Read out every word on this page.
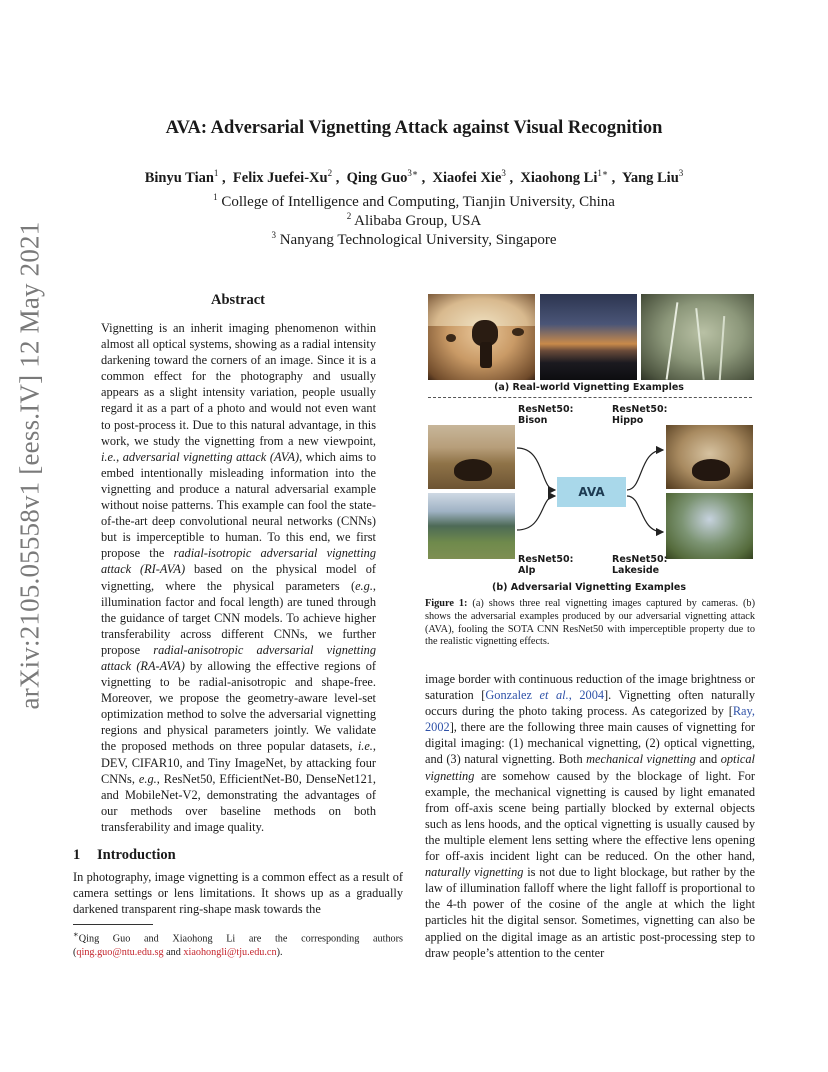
arXiv:2105.05558v1 [eess.IV] 12 May 2021
AVA: Adversarial Vignetting Attack against Visual Recognition
Binyu Tian$^1$ ,  Felix Juefei-Xu$^2$ ,  Qing Guo$^{3∗}$ ,  Xiaofei Xie$^3$ ,  Xiaohong $Li^{1∗}$ ,  Yang Liu$^3$
$^1$ College of Intelligence and Computing, Tianjin University, China
$^2$ Alibaba Group, USA
$^3$ Nanyang Technological University, Singapore
Abstract
Vignetting is an inherit imaging phenomenon within almost all optical systems, showing as a radial intensity darkening toward the corners of an image. Since it is a common effect for the photography and usually appears as a slight intensity variation, people usually regard it as a part of a photo and would not even want to post-process it. Due to this natural advantage, in this work, we study the vignetting from a new viewpoint, i.e., adversarial vignetting attack (AVA), which aims to embed intentionally misleading information into the vignetting and produce a natural adversarial example without noise patterns. This example can fool the state-of-the-art deep convolutional neural networks (CNNs) but is imperceptible to human. To this end, we first propose the radial-isotropic adversarial vignetting attack (RI-AVA) based on the physical model of vignetting, where the physical parameters (e.g., illumination factor and focal length) are tuned through the guidance of target CNN models. To achieve higher transferability across different CNNs, we further propose radial-anisotropic adversarial vignetting attack (RA-AVA) by allowing the effective regions of vignetting to be radial-anisotropic and shape-free. Moreover, we propose the geometry-aware level-set optimization method to solve the adversarial vignetting regions and physical parameters jointly. We validate the proposed methods on three popular datasets, i.e., DEV, CIFAR10, and Tiny ImageNet, by attacking four CNNs, e.g., ResNet50, EfficientNet-B0, DenseNet121, and MobileNet-V2, demonstrating the advantages of our methods over baseline methods on both transferability and image quality.
1 Introduction
In photography, image vignetting is a common effect as a result of camera settings or lens limitations. It shows up as a gradually darkened transparent ring-shape mask towards the
∗Qing Guo and Xiaohong Li are the corresponding authors (qing.guo@ntu.edu.sg and xiaohongli@tju.edu.cn).
(a) Real-world Vignetting Examples
AVA
ResNet50:
Bison
ResNet50:
Hippo
ResNet50:
Alp
ResNet50:
Lakeside
(b) Adversarial Vignetting Examples
Figure 1: (a) shows three real vignetting images captured by cameras. (b) shows the adversarial examples produced by our adversarial vignetting attack (AVA), fooling the SOTA CNN ResNet50 with imperceptible property due to the realistic vignetting effects.
image border with continuous reduction of the image brightness or saturation [Gonzalez et al., 2004]. Vignetting often naturally occurs during the photo taking process. As categorized by [Ray, 2002], there are the following three main causes of vignetting for digital imaging: (1) mechanical vignetting, (2) optical vignetting, and (3) natural vignetting. Both mechanical vignetting and optical vignetting are somehow caused by the blockage of light. For example, the mechanical vignetting is caused by light emanated from off-axis scene being partially blocked by external objects such as lens hoods, and the optical vignetting is usually caused by the multiple element lens setting where the effective lens opening for off-axis incident light can be reduced. On the other hand, naturally vignetting is not due to light blockage, but rather by the law of illumination falloff where the light falloff is proportional to the 4-th power of the cosine of the angle at which the light particles hit the digital sensor. Sometimes, vignetting can also be applied on the digital image as an artistic post-processing step to draw people’s attention to the center
